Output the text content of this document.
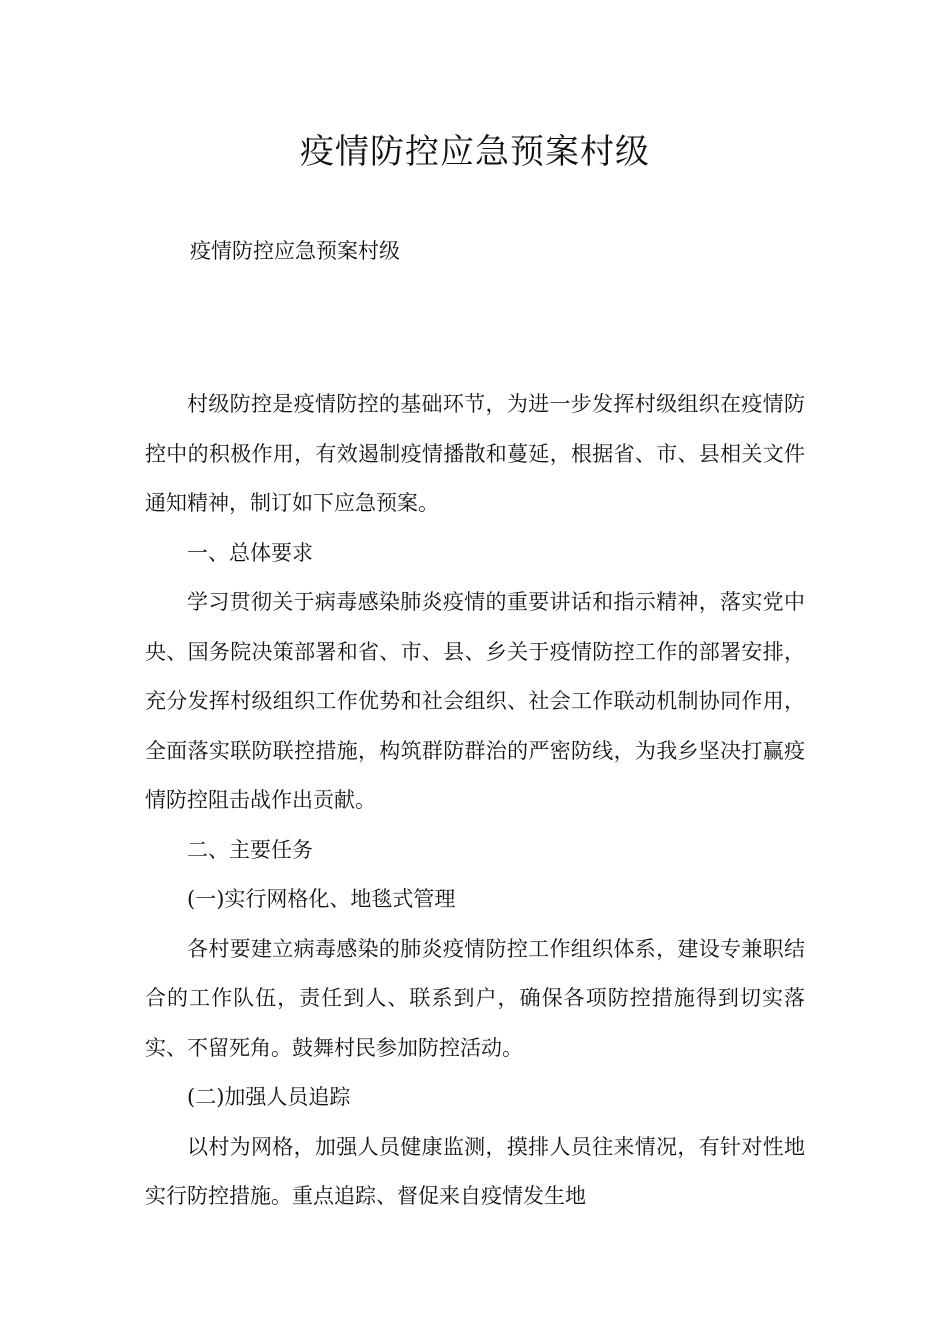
疫情防控应急预案村级

疫情防控应急预案村级

村级防控是疫情防控的基础环节，为进一步发挥村级组织在疫情防控中的积极作用，有效遏制疫情播散和蔓延，根据省、市、县相关文件通知精神，制订如下应急预案。

一、总体要求

学习贯彻关于病毒感染肺炎疫情的重要讲话和指示精神，落实党中央、国务院决策部署和省、市、县、乡关于疫情防控工作的部署安排，充分发挥村级组织工作优势和社会组织、社会工作联动机制协同作用，全面落实联防联控措施，构筑群防群治的严密防线，为我乡坚决打赢疫情防控阻击战作出贡献。

二、主要任务

(一)实行网格化、地毯式管理

各村要建立病毒感染的肺炎疫情防控工作组织体系，建设专兼职结合的工作队伍，责任到人、联系到户，确保各项防控措施得到切实落实、不留死角。鼓舞村民参加防控活动。

(二)加强人员追踪

以村为网格，加强人员健康监测，摸排人员往来情况，有针对性地实行防控措施。重点追踪、督促来自疫情发生地
